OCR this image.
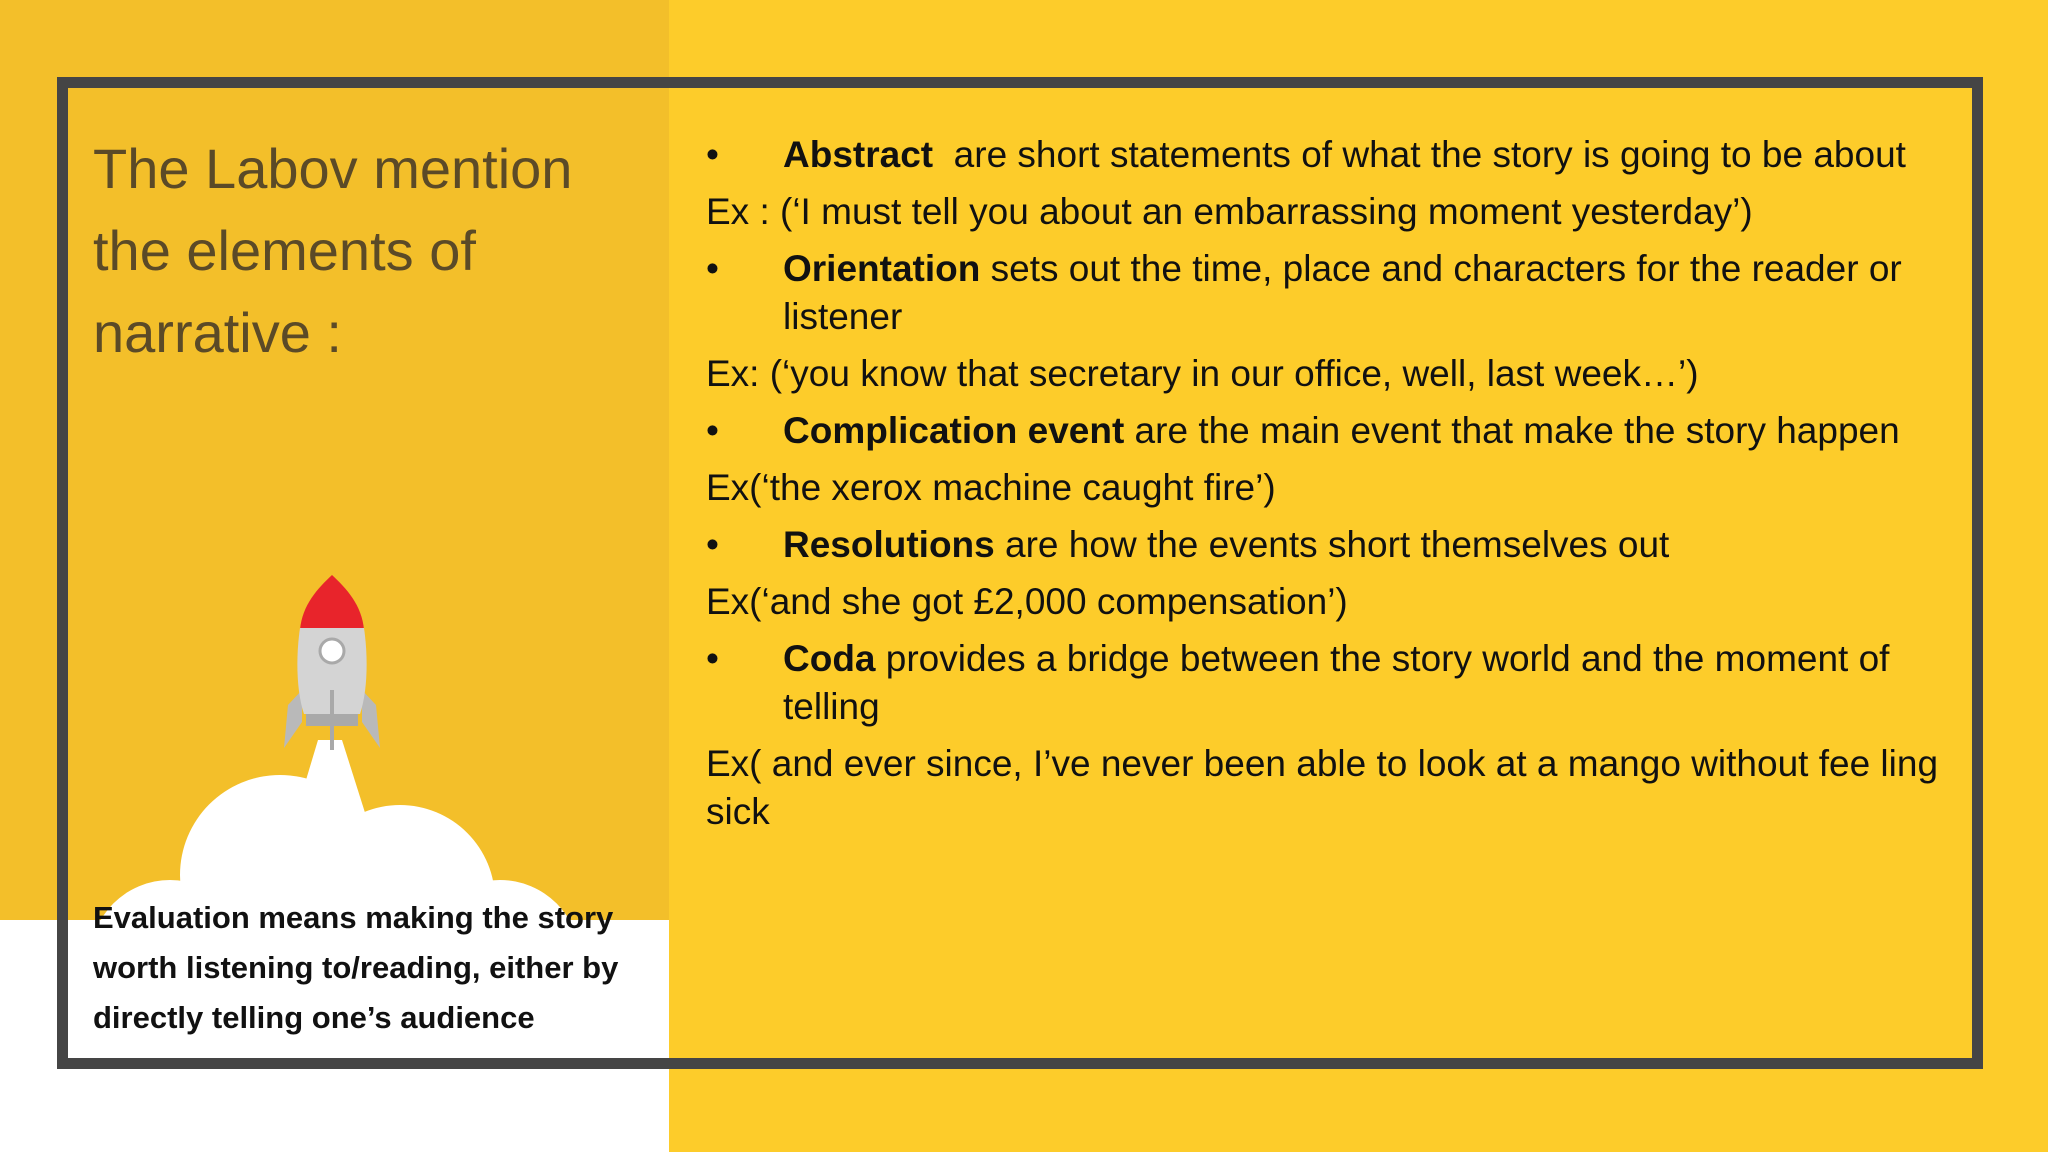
The Labov mention the elements of narrative :
Evaluation means making the story worth listening to/reading, either by directly telling one’s audience
• Abstract  are short statements of what the story is going to be about
Ex : (‘I must tell you about an embarrassing moment yesterday’)
• Orientation sets out the time, place and characters for the reader or listener
Ex: (‘you know that secretary in our office, well, last week…’)
• Complication event are the main event that make the story happen
Ex(‘the xerox machine caught fire’)
• Resolutions are how the events short themselves out
Ex(‘and she got £2,000 compensation’)
• Coda provides a bridge between the story world and the moment of telling
Ex( and ever since, I’ve never been able to look at a mango without fee ling sick
